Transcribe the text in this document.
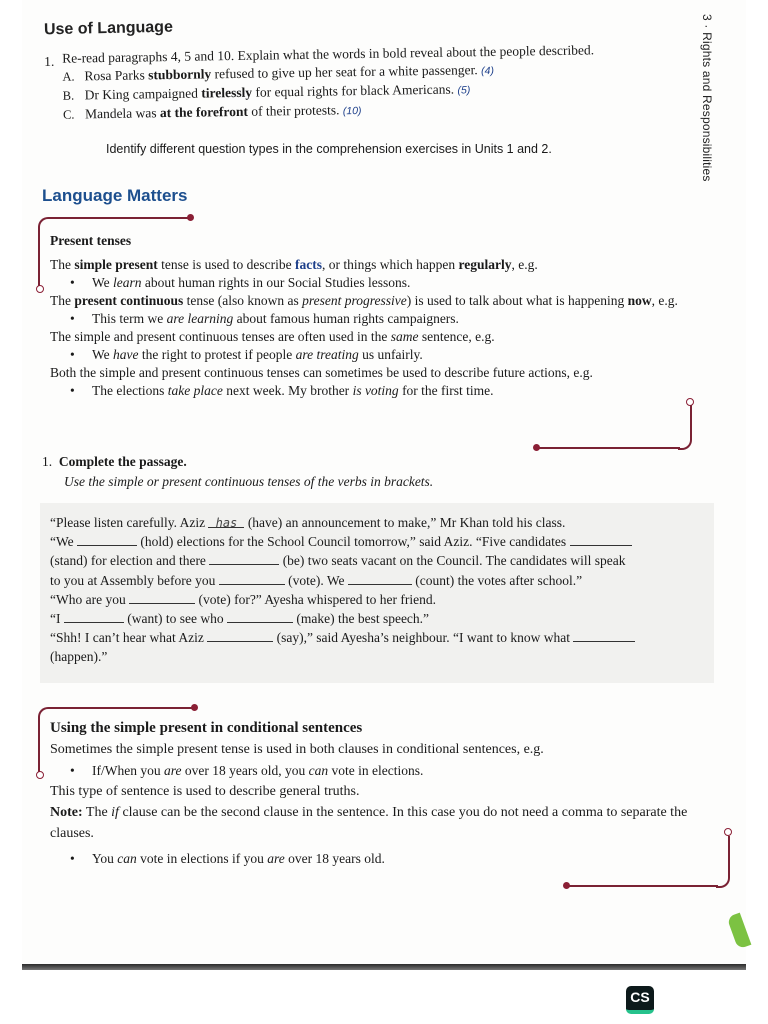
3 · Rights and Responsibilities
Use of Language
1. Re-read paragraphs 4, 5 and 10. Explain what the words in bold reveal about the people described.
A. Rosa Parks stubbornly refused to give up her seat for a white passenger. (4)
B. Dr King campaigned tirelessly for equal rights for black Americans. (5)
C. Mandela was at the forefront of their protests. (10)
Identify different question types in the comprehension exercises in Units 1 and 2.
Language Matters
Present tenses
The simple present tense is used to describe facts, or things which happen regularly, e.g.
•	We learn about human rights in our Social Studies lessons.
The present continuous tense (also known as present progressive) is used to talk about what is happening now, e.g.
•	This term we are learning about famous human rights campaigners.
The simple and present continuous tenses are often used in the same sentence, e.g.
•	We have the right to protest if people are treating us unfairly.
Both the simple and present continuous tenses can sometimes be used to describe future actions, e.g.
•	The elections take place next week. My brother is voting for the first time.
1. Complete the passage.
Use the simple or present continuous tenses of the verbs in brackets.

“Please listen carefully. Aziz has (have) an announcement to make,” Mr Khan told his class.

“We	(hold) elections for the School Council tomorrow,” said Aziz. “Five candidates

(stand) for election and there	(be) two seats vacant on the Council. The candidates will speak

to you at Assembly before you	(vote). We	(count) the votes after school.”

“Who are you	(vote) for?” Ayesha whispered to her friend.

“I	(want) to see who	(make) the best speech.”

“Shh! I can’t hear what Aziz	(say),” said Ayesha’s neighbour. “I want to know what

(happen).”

Using the simple present in conditional sentences
Sometimes the simple present tense is used in both clauses in conditional sentences, e.g.
•	If/When you are over 18 years old, you can vote in elections.
This type of sentence is used to describe general truths.
Note: The if clause can be the second clause in the sentence. In this case you do not need a comma to separate the clauses.
•	You can vote in elections if you are over 18 years old.
CS
